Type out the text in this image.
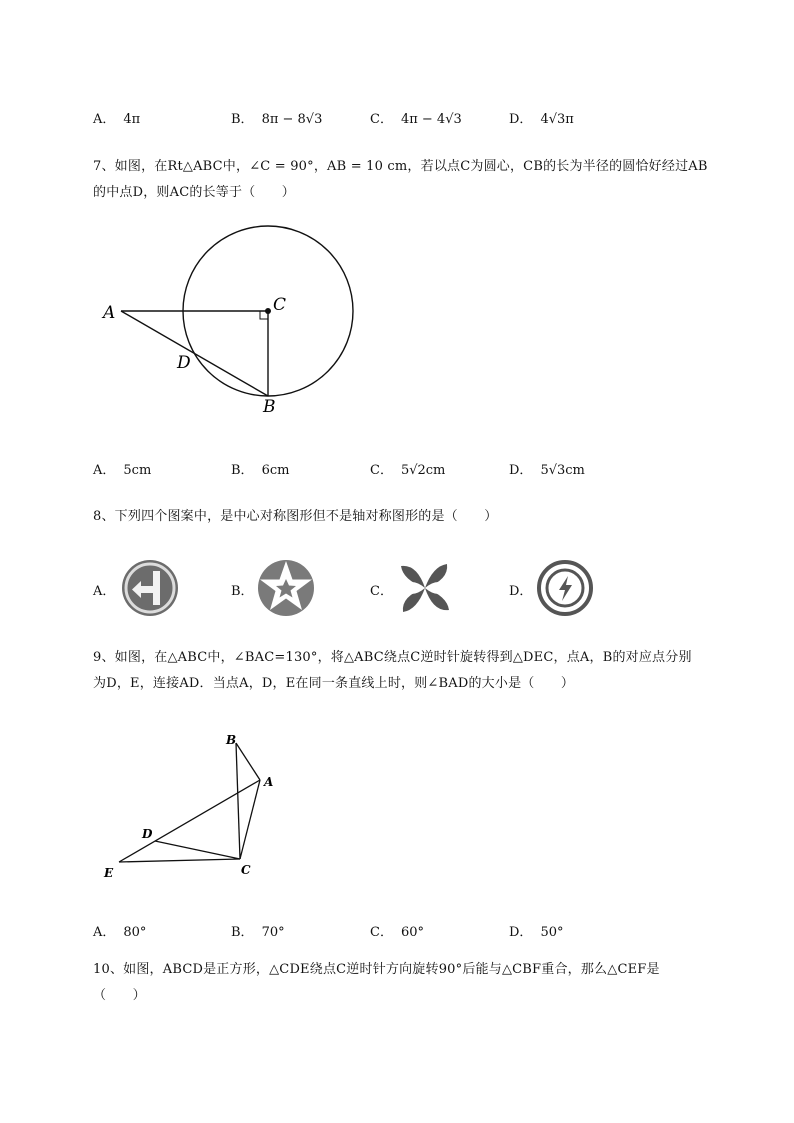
A． 4π	B． 8π − 8√3	C． 4π − 4√3	D． 4√3π
7、如图，在Rt△ABC中，∠C = 90°，AB = 10 cm，若以点C为圆心，CB的长为半径的圆恰好经过AB
的中点D，则AC的长等于（　　）
A	C
D
B
A． 5cm	B． 6cm	C． 5√2cm	D． 5√3cm
8、下列四个图案中，是中心对称图形但不是轴对称图形的是（　　）
A．	B．	C．	D．
9、如图，在△ABC中，∠BAC=130°，将△ABC绕点C逆时针旋转得到△DEC，点A，B的对应点分别
为D，E，连接AD．当点A，D，E在同一条直线上时，则∠BAD的大小是（　　）
B
A
D
E	C
A． 80°	B． 70°	C． 60°	D． 50°
10、如图，ABCD是正方形，△CDE绕点C逆时针方向旋转90°后能与△CBF重合，那么△CEF是
（　　）
